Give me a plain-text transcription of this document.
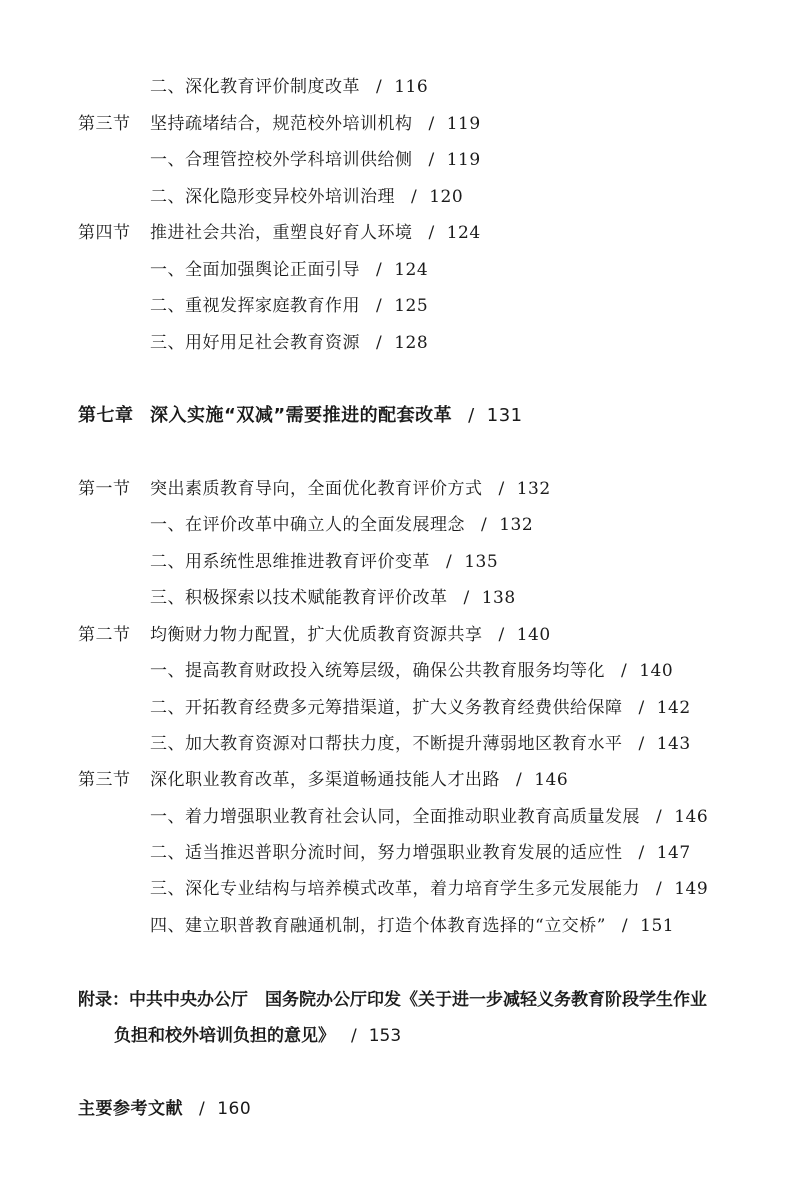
二、深化教育评价制度改革 / 116
第三节 坚持疏堵结合，规范校外培训机构 / 119
一、合理管控校外学科培训供给侧 / 119
二、深化隐形变异校外培训治理 / 120
第四节 推进社会共治，重塑良好育人环境 / 124
一、全面加强舆论正面引导 / 124
二、重视发挥家庭教育作用 / 125
三、用好用足社会教育资源 / 128
第七章 深入实施“双减”需要推进的配套改革 / 131
第一节 突出素质教育导向，全面优化教育评价方式 / 132
一、在评价改革中确立人的全面发展理念 / 132
二、用系统性思维推进教育评价变革 / 135
三、积极探索以技术赋能教育评价改革 / 138
第二节 均衡财力物力配置，扩大优质教育资源共享 / 140
一、提高教育财政投入统筹层级，确保公共教育服务均等化 / 140
二、开拓教育经费多元筹措渠道，扩大义务教育经费供给保障 / 142
三、加大教育资源对口帮扶力度，不断提升薄弱地区教育水平 / 143
第三节 深化职业教育改革，多渠道畅通技能人才出路 / 146
一、着力增强职业教育社会认同，全面推动职业教育高质量发展 / 146
二、适当推迟普职分流时间，努力增强职业教育发展的适应性 / 147
三、深化专业结构与培养模式改革，着力培育学生多元发展能力 / 149
四、建立职普教育融通机制，打造个体教育选择的“立交桥” / 151
附录：中共中央办公厅　国务院办公厅印发《关于进一步减轻义务教育阶段学生作业
负担和校外培训负担的意见》 / 153
主要参考文献 / 160
